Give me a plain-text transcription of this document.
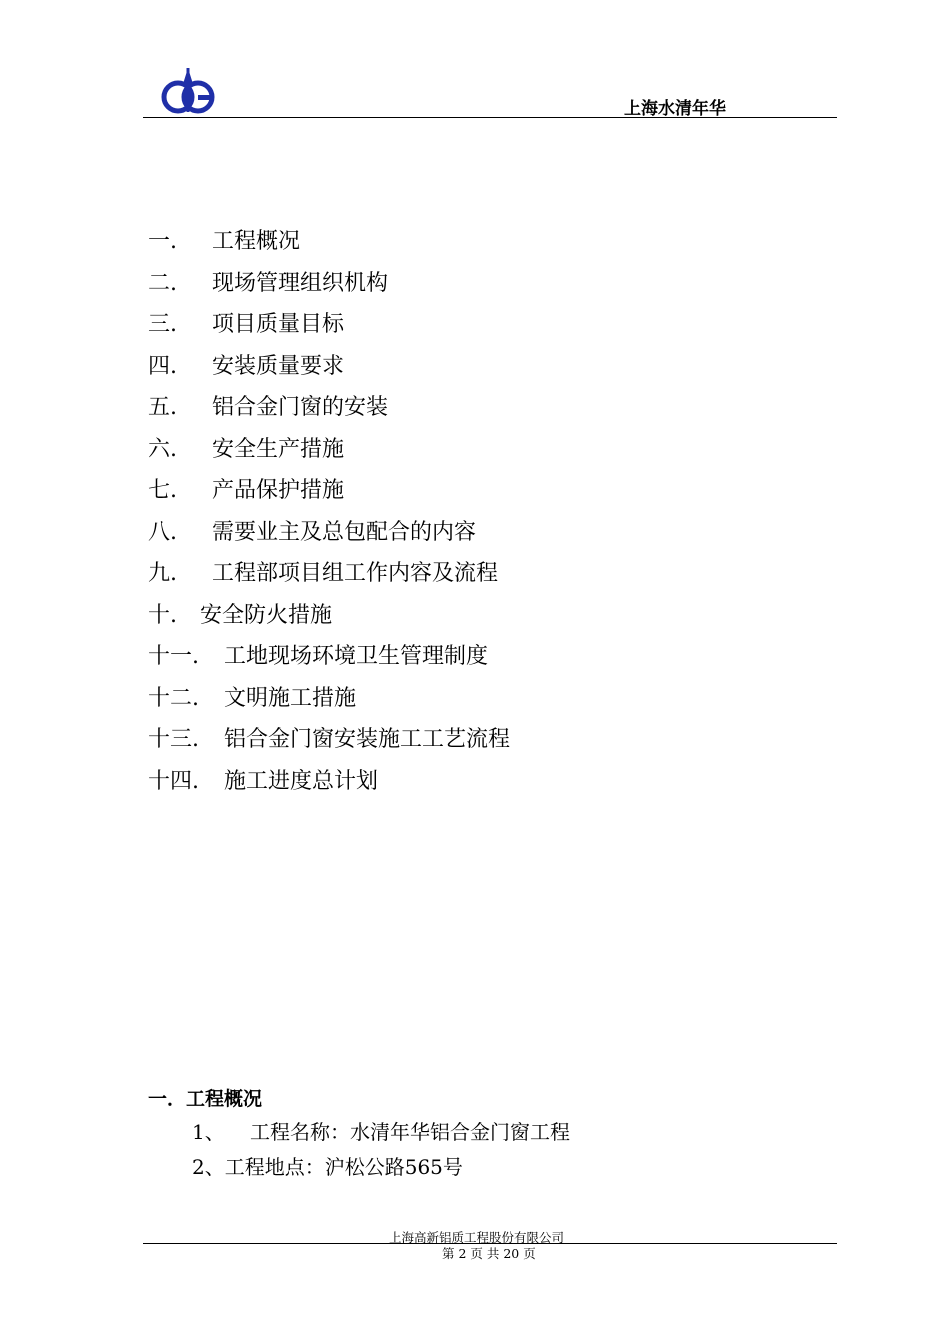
上海水清年华
一. 工程概况
二. 现场管理组织机构
三. 项目质量目标
四. 安装质量要求
五. 铝合金门窗的安装
六. 安全生产措施
七. 产品保护措施
八. 需要业主及总包配合的内容
九. 工程部项目组工作内容及流程
十. 安全防火措施
十一. 工地现场环境卫生管理制度
十二. 文明施工措施
十三. 铝合金门窗安装施工工艺流程
十四. 施工进度总计划
一．工程概况
1、 工程名称：水清年华铝合金门窗工程
2、工程地点：沪松公路565号
上海高新铝质工程股份有限公司
第 2 页 共 20 页
